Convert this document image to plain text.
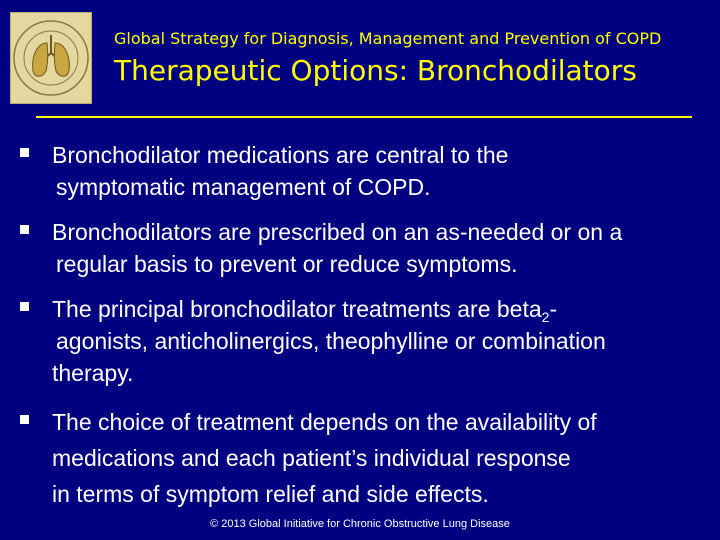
Global Strategy for Diagnosis, Management and Prevention of COPD
Therapeutic Options: Bronchodilators
Bronchodilator medications are central to the
symptomatic management of COPD.
Bronchodilators are prescribed on an as-needed or on a
regular basis to prevent or reduce symptoms.
The principal bronchodilator treatments are beta$_2$-
agonists, anticholinergics, theophylline or combination
therapy.
The choice of treatment depends on the availability of
medications and each patient’s individual response
in terms of symptom relief and side effects.
© 2013 Global Initiative for Chronic Obstructive Lung Disease
